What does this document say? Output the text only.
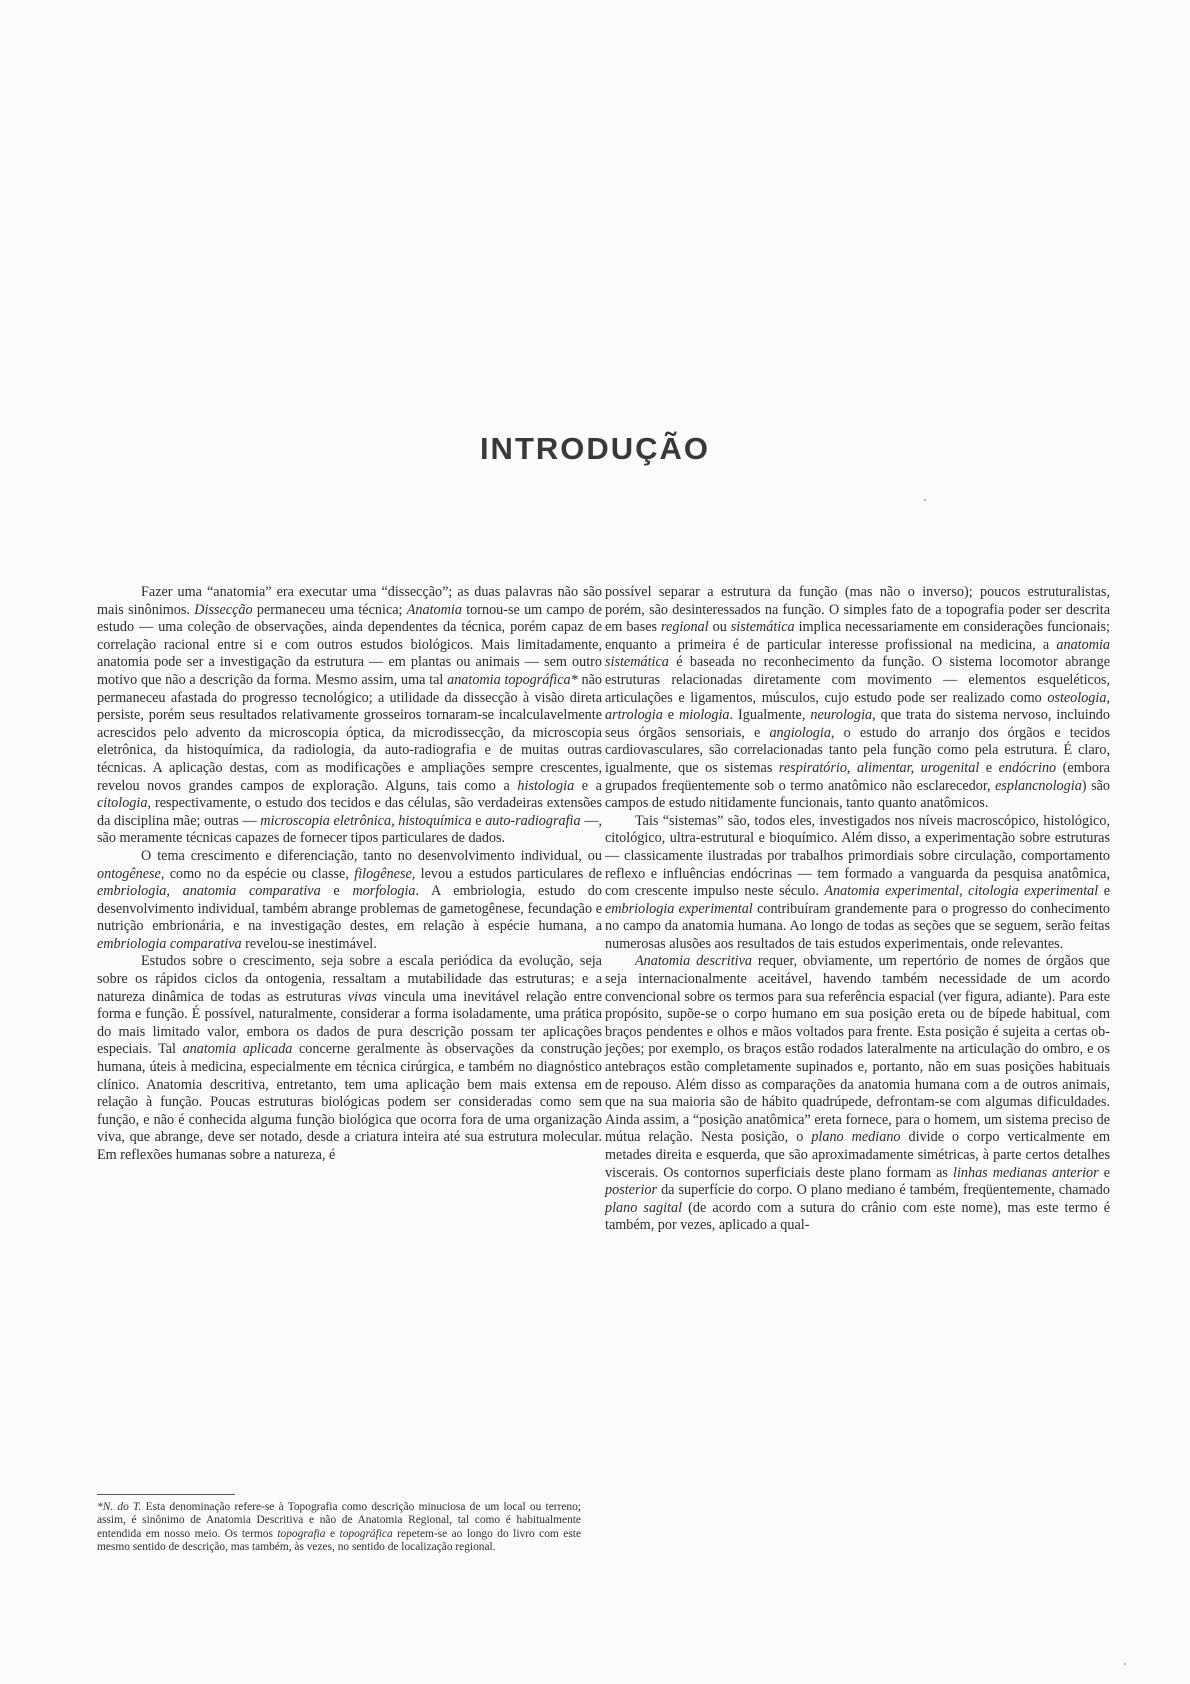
INTRODUÇÃO

Fazer uma “anatomia” era executar uma “dissecção”; as duas palavras não são mais sinônimos. Dissecção permaneceu uma técnica; Anatomia tornou-se um campo de estudo — uma coleção de observações, ainda dependentes da técnica, porém capaz de correlação racional entre si e com outros estudos biológicos. Mais limitadamente, anatomia pode ser a investigação da estrutura — em plantas ou animais — sem outro motivo que não a descrição da forma. Mesmo assim, uma tal anatomia topográfica* não permaneceu afastada do progresso tecnológico; a utilidade da dissecção à visão direta persiste, porém seus resultados relativamente grosseiros tornaram-se incalculavelmente acrescidos pelo advento da microscopia óptica, da microdissecção, da microscopia eletrônica, da histoquímica, da radiologia, da auto-radiografia e de muitas outras técnicas. A aplicação destas, com as modificações e ampliações sempre crescentes, revelou novos grandes campos de exploração. Alguns, tais como a histologia e a citologia, respectivamente, o estudo dos tecidos e das células, são verdadeiras extensões da disciplina mãe; outras — microscopia eletrônica, histoquímica e auto-radiografia —, são meramente técnicas capazes de fornecer tipos particulares de dados.

O tema crescimento e diferenciação, tanto no desenvolvimento individual, ou ontogênese, como no da espécie ou classe, filogênese, levou a estudos particulares de embriologia, anatomia comparativa e morfologia. A embriologia, estudo do desenvolvimento individual, também abrange problemas de gametogênese, fecundação e nutrição embrionária, e na investigação destes, em relação à espécie humana, a embriologia comparativa revelou-se inestimável.

Estudos sobre o crescimento, seja sobre a escala periódica da evolução, seja sobre os rápidos ciclos da ontogenia, ressaltam a mutabilidade das estruturas; e a natureza dinâmica de todas as estruturas vivas vincula uma inevitável relação entre forma e função. É possível, naturalmente, considerar a forma isoladamente, uma prática do mais limitado valor, embora os dados de pura descrição possam ter aplicações especiais. Tal anatomia aplicada concerne geralmente às observações da construção humana, úteis à medicina, especialmente em técnica cirúrgica, e também no diagnóstico clínico. Anatomia descritiva, entretanto, tem uma aplicação bem mais extensa em relação à função. Poucas estruturas biológicas podem ser consideradas como sem função, e não é conhecida alguma função biológica que ocorra fora de uma organização viva, que abrange, deve ser notado, desde a criatura inteira até sua estrutura molecular. Em reflexões humanas sobre a natureza, é

possível separar a estrutura da função (mas não o inverso); poucos estruturalistas, porém, são desinteressados na função. O simples fato de a topografia poder ser descrita em bases regional ou sistemática implica necessariamente em considerações funcionais; enquanto a primeira é de particular interesse profissional na medicina, a anatomia sistemática é baseada no reconhecimento da função. O sistema locomotor abrange estruturas relacionadas diretamente com movimento — elementos esqueléticos, articulações e ligamentos, músculos, cujo estudo pode ser realizado como osteologia, artrologia e miologia. Igualmente, neurologia, que trata do sistema nervoso, incluindo seus órgãos sensoriais, e angiologia, o estudo do arranjo dos órgãos e tecidos cardiovasculares, são correlacionadas tanto pela função como pela estrutura. É claro, igualmente, que os sistemas respiratório, alimentar, urogenital e endócrino (embora grupados freqüentemente sob o termo anatômico não esclarecedor, esplancnologia) são campos de estudo nitidamente funcionais, tanto quanto anatômicos.

Tais “sistemas” são, todos eles, investigados nos níveis macroscópico, histológico, citológico, ultra-estrutural e bioquímico. Além disso, a experimentação sobre estruturas — classicamente ilustradas por trabalhos primordiais sobre circulação, comportamento reflexo e influências endócrinas — tem formado a vanguarda da pesquisa anatômica, com crescente impulso neste século. Anatomia experimental, citologia experimental e embriologia experimental contribuíram grandemente para o progresso do conhecimento no campo da anatomia humana. Ao longo de todas as seções que se seguem, serão feitas numerosas alusões aos resultados de tais estudos experimentais, onde relevantes.

Anatomia descritiva requer, obviamente, um repertório de nomes de órgãos que seja internacionalmente aceitável, havendo também necessidade de um acordo convencional sobre os termos para sua referência espacial (ver figura, adiante). Para este propósito, supõe-se o corpo humano em sua posição ereta ou de bípede habitual, com braços pendentes e olhos e mãos voltados para frente. Esta posição é sujeita a certas objeções; por exemplo, os braços estão rodados lateralmente na articulação do ombro, e os antebraços estão completamente supinados e, portanto, não em suas posições habituais de repouso. Além disso as comparações da anatomia humana com a de outros animais, que na sua maioria são de hábito quadrúpede, defrontam-se com algumas dificuldades. Ainda assim, a “posição anatômica” ereta fornece, para o homem, um sistema preciso de mútua relação. Nesta posição, o plano mediano divide o corpo verticalmente em metades direita e esquerda, que são aproximadamente simétricas, à parte certos detalhes viscerais. Os contornos superficiais deste plano formam as linhas medianas anterior e posterior da superfície do corpo. O plano mediano é também, freqüentemente, chamado plano sagital (de acordo com a sutura do crânio com este nome), mas este termo é também, por vezes, aplicado a qual-

*N. do T. Esta denominação refere-se à Topografia como descrição minuciosa de um local ou terreno; assim, é sinônimo de Anatomia Descritiva e não de Anatomia Regional, tal como é habitualmente entendida em nosso meio. Os termos topografia e topográfica repetem-se ao longo do livro com este mesmo sentido de descrição, mas também, às vezes, no sentido de localização regional.
